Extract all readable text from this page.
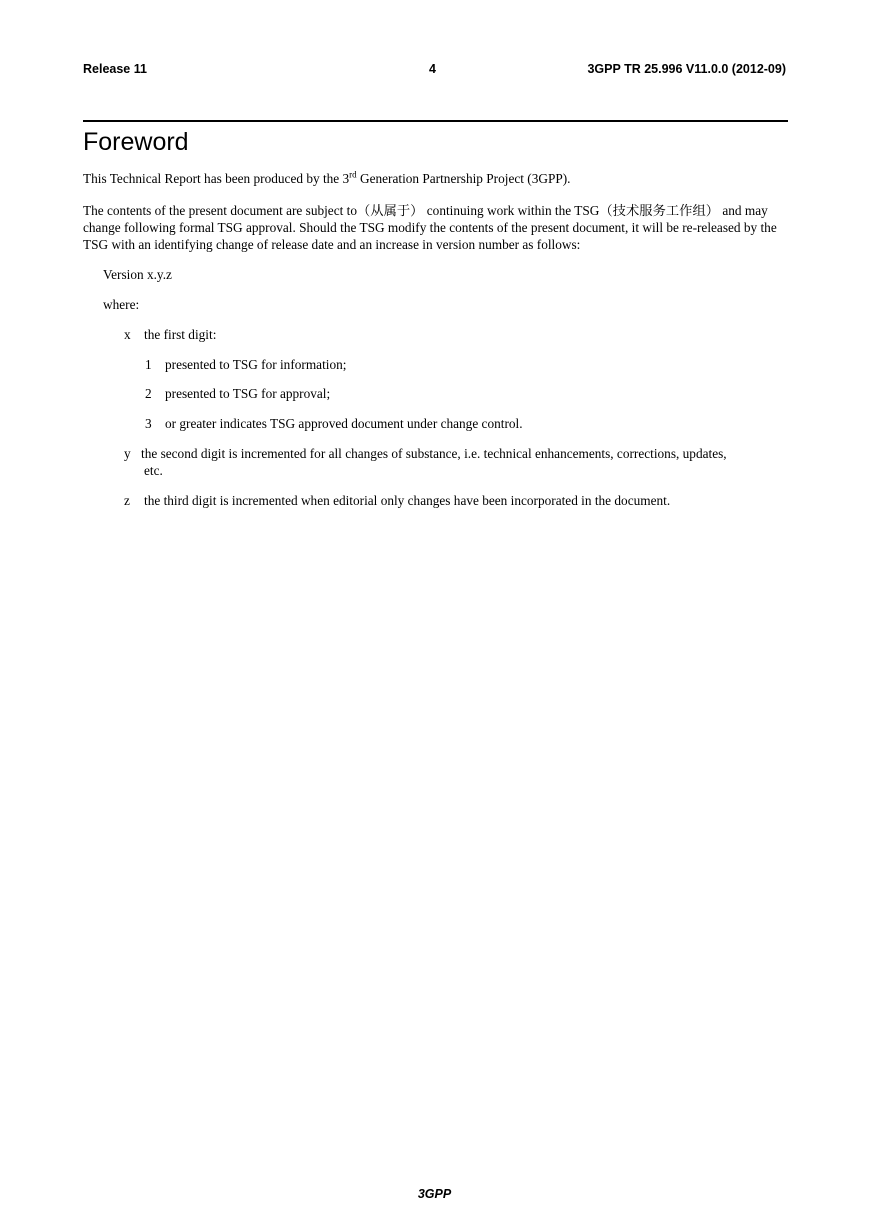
Release 11	4	3GPP TR 25.996 V11.0.0 (2012-09)
Foreword

This Technical Report has been produced by the 3rd Generation Partnership Project (3GPP).

The contents of the present document are subject to（从属于） continuing work within the TSG（技术服务工作组） and may change following formal TSG approval. Should the TSG modify the contents of the present document, it will be re-released by the TSG with an identifying change of release date and an increase in version number as follows:

Version x.y.z

where:

x the first digit:
1 presented to TSG for information;
2 presented to TSG for approval;
3 or greater indicates TSG approved document under change control.
y the second digit is incremented for all changes of substance, i.e. technical enhancements, corrections, updates,
etc.
z the third digit is incremented when editorial only changes have been incorporated in the document.
3GPP
